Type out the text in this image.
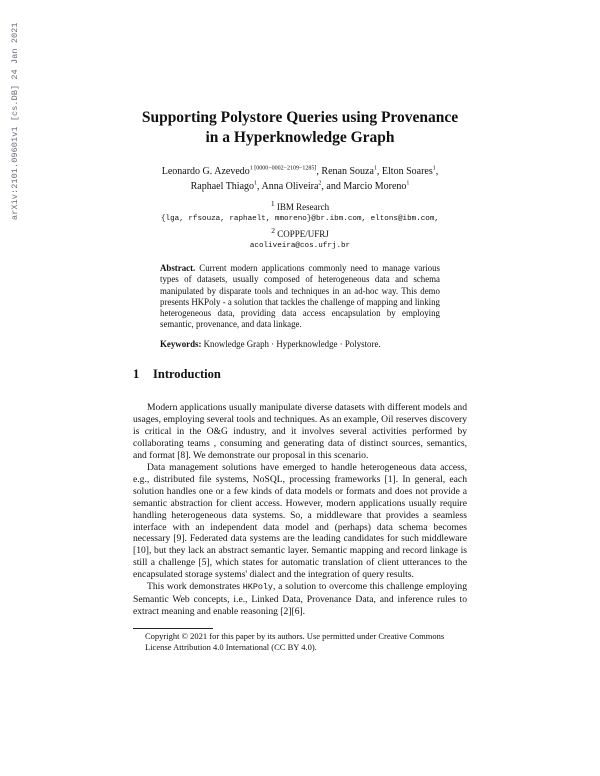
arXiv:2101.09601v1 [cs.DB] 24 Jan 2021	Supporting Polystore Queries using Provenance
in a Hyperknowledge Graph
Leonardo G. Azevedo$^{1 [0000-0002-2109-1285]}$, Renan Souza$^1$, Elton Soares$^1$,
Raphael Thiago$^1$, Anna Oliveira$^2$, and Marcio Moreno$^1$
$^1$ IBM Research
{lga, rfsouza, raphaelt, mmoreno}@br.ibm.com, eltons@ibm.com,
$^2$ COPPE/UFRJ
acoliveira@cos.ufrj.br
Abstract. Current modern applications commonly need to manage various types of datasets, usually composed of heterogeneous data and schema manipulated by disparate tools and techniques in an ad-hoc way. This demo presents HKPoly - a solution that tackles the challenge of mapping and linking heterogeneous data, providing data access encapsulation by employing semantic, provenance, and data linkage.
Keywords: Knowledge Graph · Hyperknowledge · Polystore.
1 Introduction

Modern applications usually manipulate diverse datasets with different models and usages, employing several tools and techniques. As an example, Oil reserves discovery is critical in the O&G industry, and it involves several activities performed by collaborating teams , consuming and generating data of distinct sources, semantics, and format [8]. We demonstrate our proposal in this scenario.

Data management solutions have emerged to handle heterogeneous data access, e.g., distributed file systems, NoSQL, processing frameworks [1]. In general, each solution handles one or a few kinds of data models or formats and does not provide a semantic abstraction for client access. However, modern applications usually require handling heterogeneous data systems. So, a middleware that provides a seamless interface with an independent data model and (perhaps) data schema becomes necessary [9]. Federated data systems are the leading candidates for such middleware [10], but they lack an abstract semantic layer. Semantic mapping and record linkage is still a challenge [5], which states for automatic translation of client utterances to the encapsulated storage systems' dialect and the integration of query results.

This work demonstrates HKPoly, a solution to overcome this challenge employing Semantic Web concepts, i.e., Linked Data, Provenance Data, and inference rules to extract meaning and enable reasoning [2][6].

Copyright © 2021 for this paper by its authors. Use permitted under Creative Commons License Attribution 4.0 International (CC BY 4.0).
